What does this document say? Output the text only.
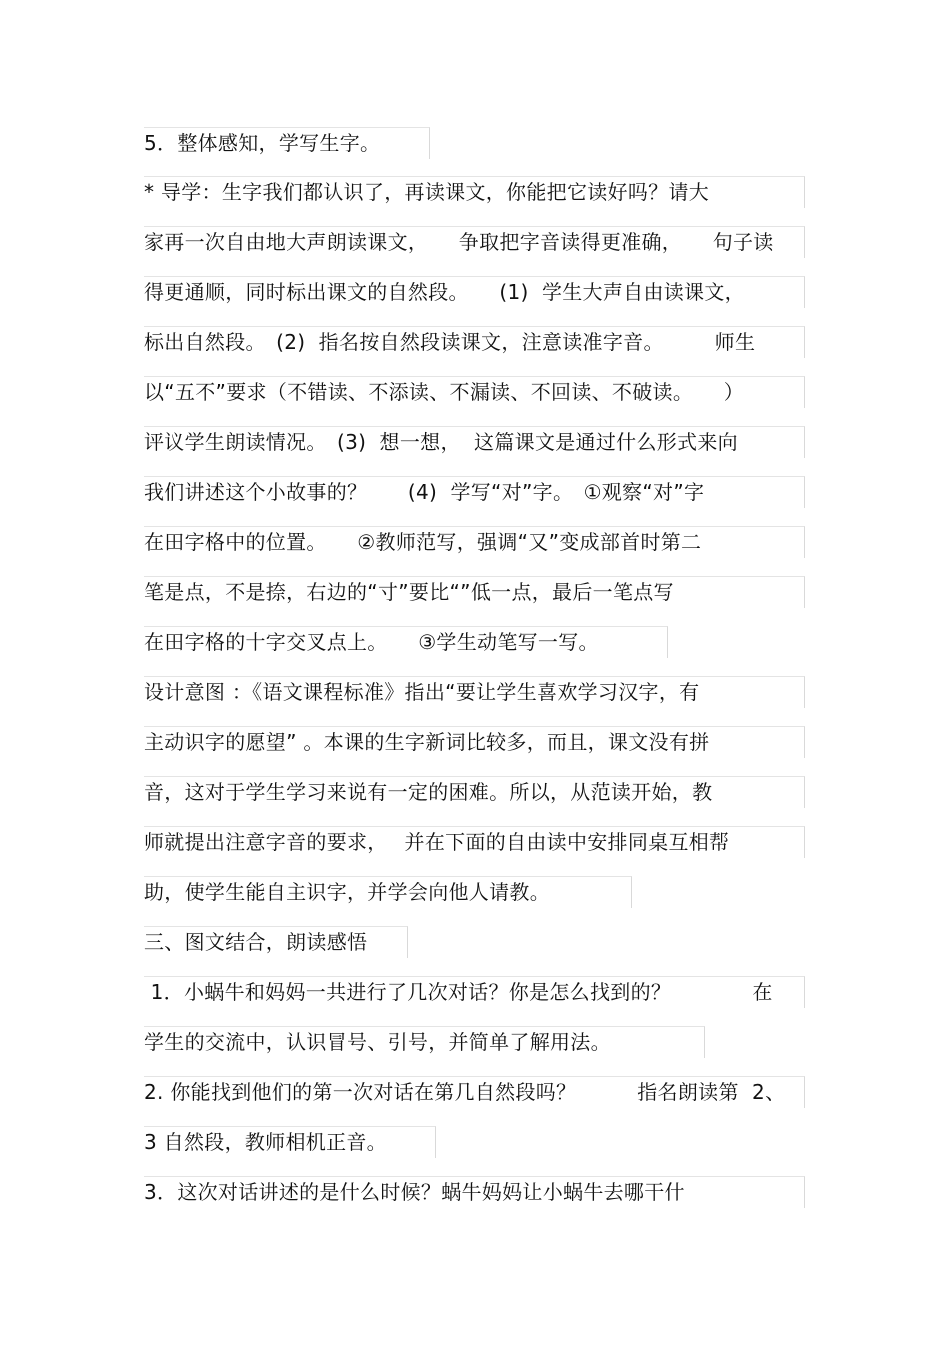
5．整体感知，学写生字。
* 导学：生字我们都认识了，再读课文，你能把它读好吗？请大
家再一次自由地大声朗读课文，　　争取把字音读得更准确，　　句子读
得更通顺，同时标出课文的自然段。　　(1)  学生大声自由读课文，
标出自然段。　(2)  指名按自然段读课文，注意读准字音。　　　师生
以“五不”要求（不错读、不添读、不漏读、不回读、不破读。　　）
评议学生朗读情况。　(3)  想一想，  这篇课文是通过什么形式来向
我们讲述这个小故事的？　　(4)  学写“对”字。　①观察“对”字
在田字格中的位置。　　②教师范写，强调“又”变成部首时第二
笔是点，不是捺，右边的“寸”要比“”低一点，最后一笔点写
在田字格的十字交叉点上。　　③学生动笔写一写。
设计意图 ：《语文课程标准》指出“要让学生喜欢学习汉字，有
主动识字的愿望” 。本课的生字新词比较多，而且，课文没有拼
音，这对于学生学习来说有一定的困难。所以，从范读开始，教
师就提出注意字音的要求，　 并在下面的自由读中安排同桌互相帮
助，使学生能自主识字，并学会向他人请教。
三、图文结合，朗读感悟
1．小蜗牛和妈妈一共进行了几次对话？你是怎么找到的？　　　　在
学生的交流中，认识冒号、引号，并简单了解用法。
2. 你能找到他们的第一次对话在第几自然段吗？　　　指名朗读第  2、
3 自然段，教师相机正音。
3．这次对话讲述的是什么时候？蜗牛妈妈让小蜗牛去哪干什
